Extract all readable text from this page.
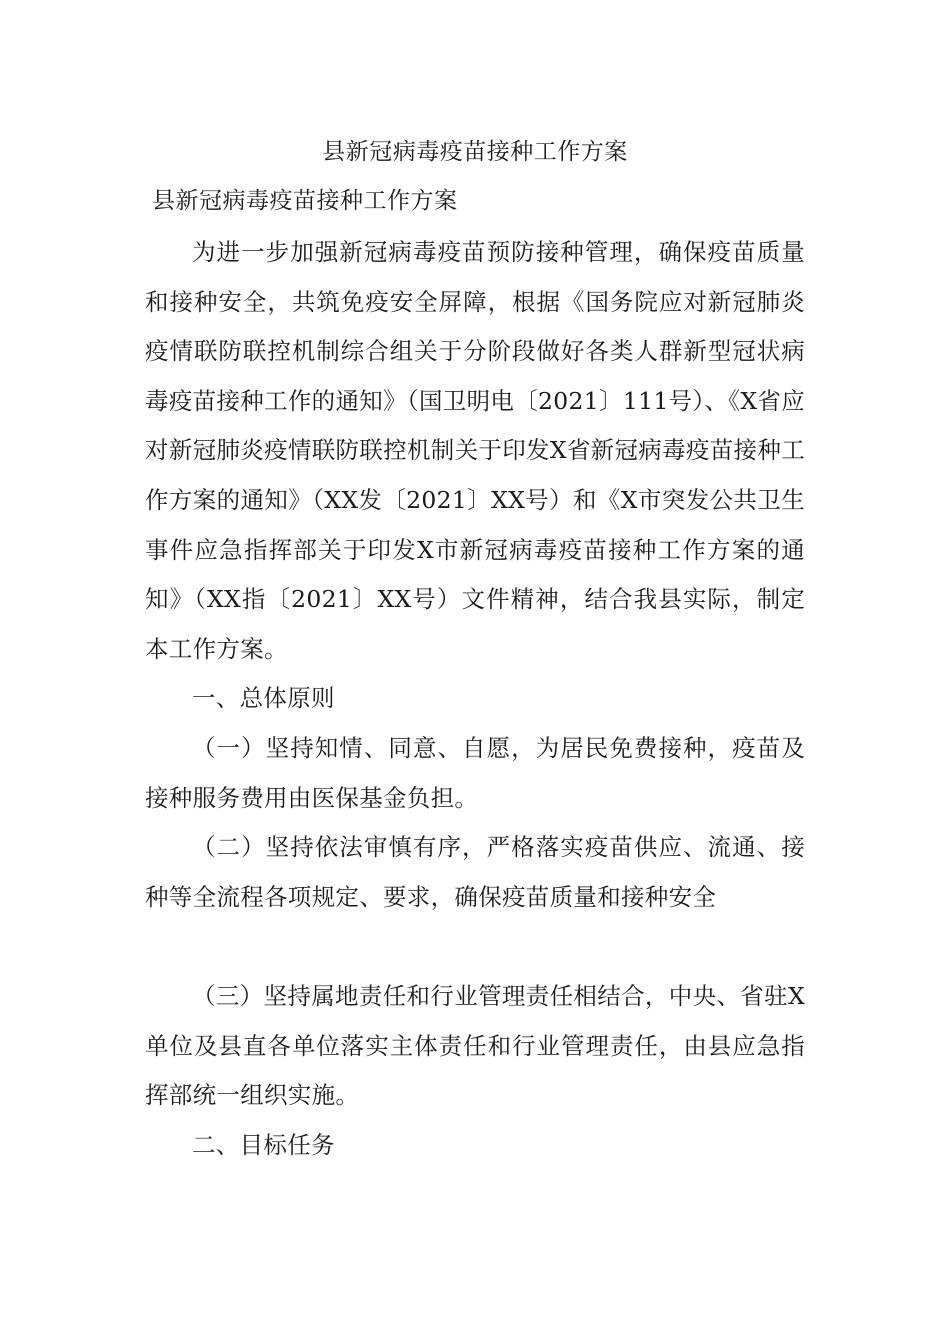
县新冠病毒疫苗接种工作方案
县新冠病毒疫苗接种工作方案

为进一步加强新冠病毒疫苗预防接种管理，确保疫苗质量和接种安全，共筑免疫安全屏障，根据《国务院应对新冠肺炎疫情联防联控机制综合组关于分阶段做好各类人群新型冠状病毒疫苗接种工作的通知》（国卫明电〔2021〕111号）、《X省应对新冠肺炎疫情联防联控机制关于印发X省新冠病毒疫苗接种工作方案的通知》（XX发〔2021〕XX号）和《X市突发公共卫生事件应急指挥部关于印发X市新冠病毒疫苗接种工作方案的通知》（XX指〔2021〕XX号）文件精神，结合我县实际，制定本工作方案。

一、总体原则

（一）坚持知情、同意、自愿，为居民免费接种，疫苗及接种服务费用由医保基金负担。

（二）坚持依法审慎有序，严格落实疫苗供应、流通、接种等全流程各项规定、要求，确保疫苗质量和接种安全

（三）坚持属地责任和行业管理责任相结合，中央、省驻X单位及县直各单位落实主体责任和行业管理责任，由县应急指挥部统一组织实施。

二、目标任务
